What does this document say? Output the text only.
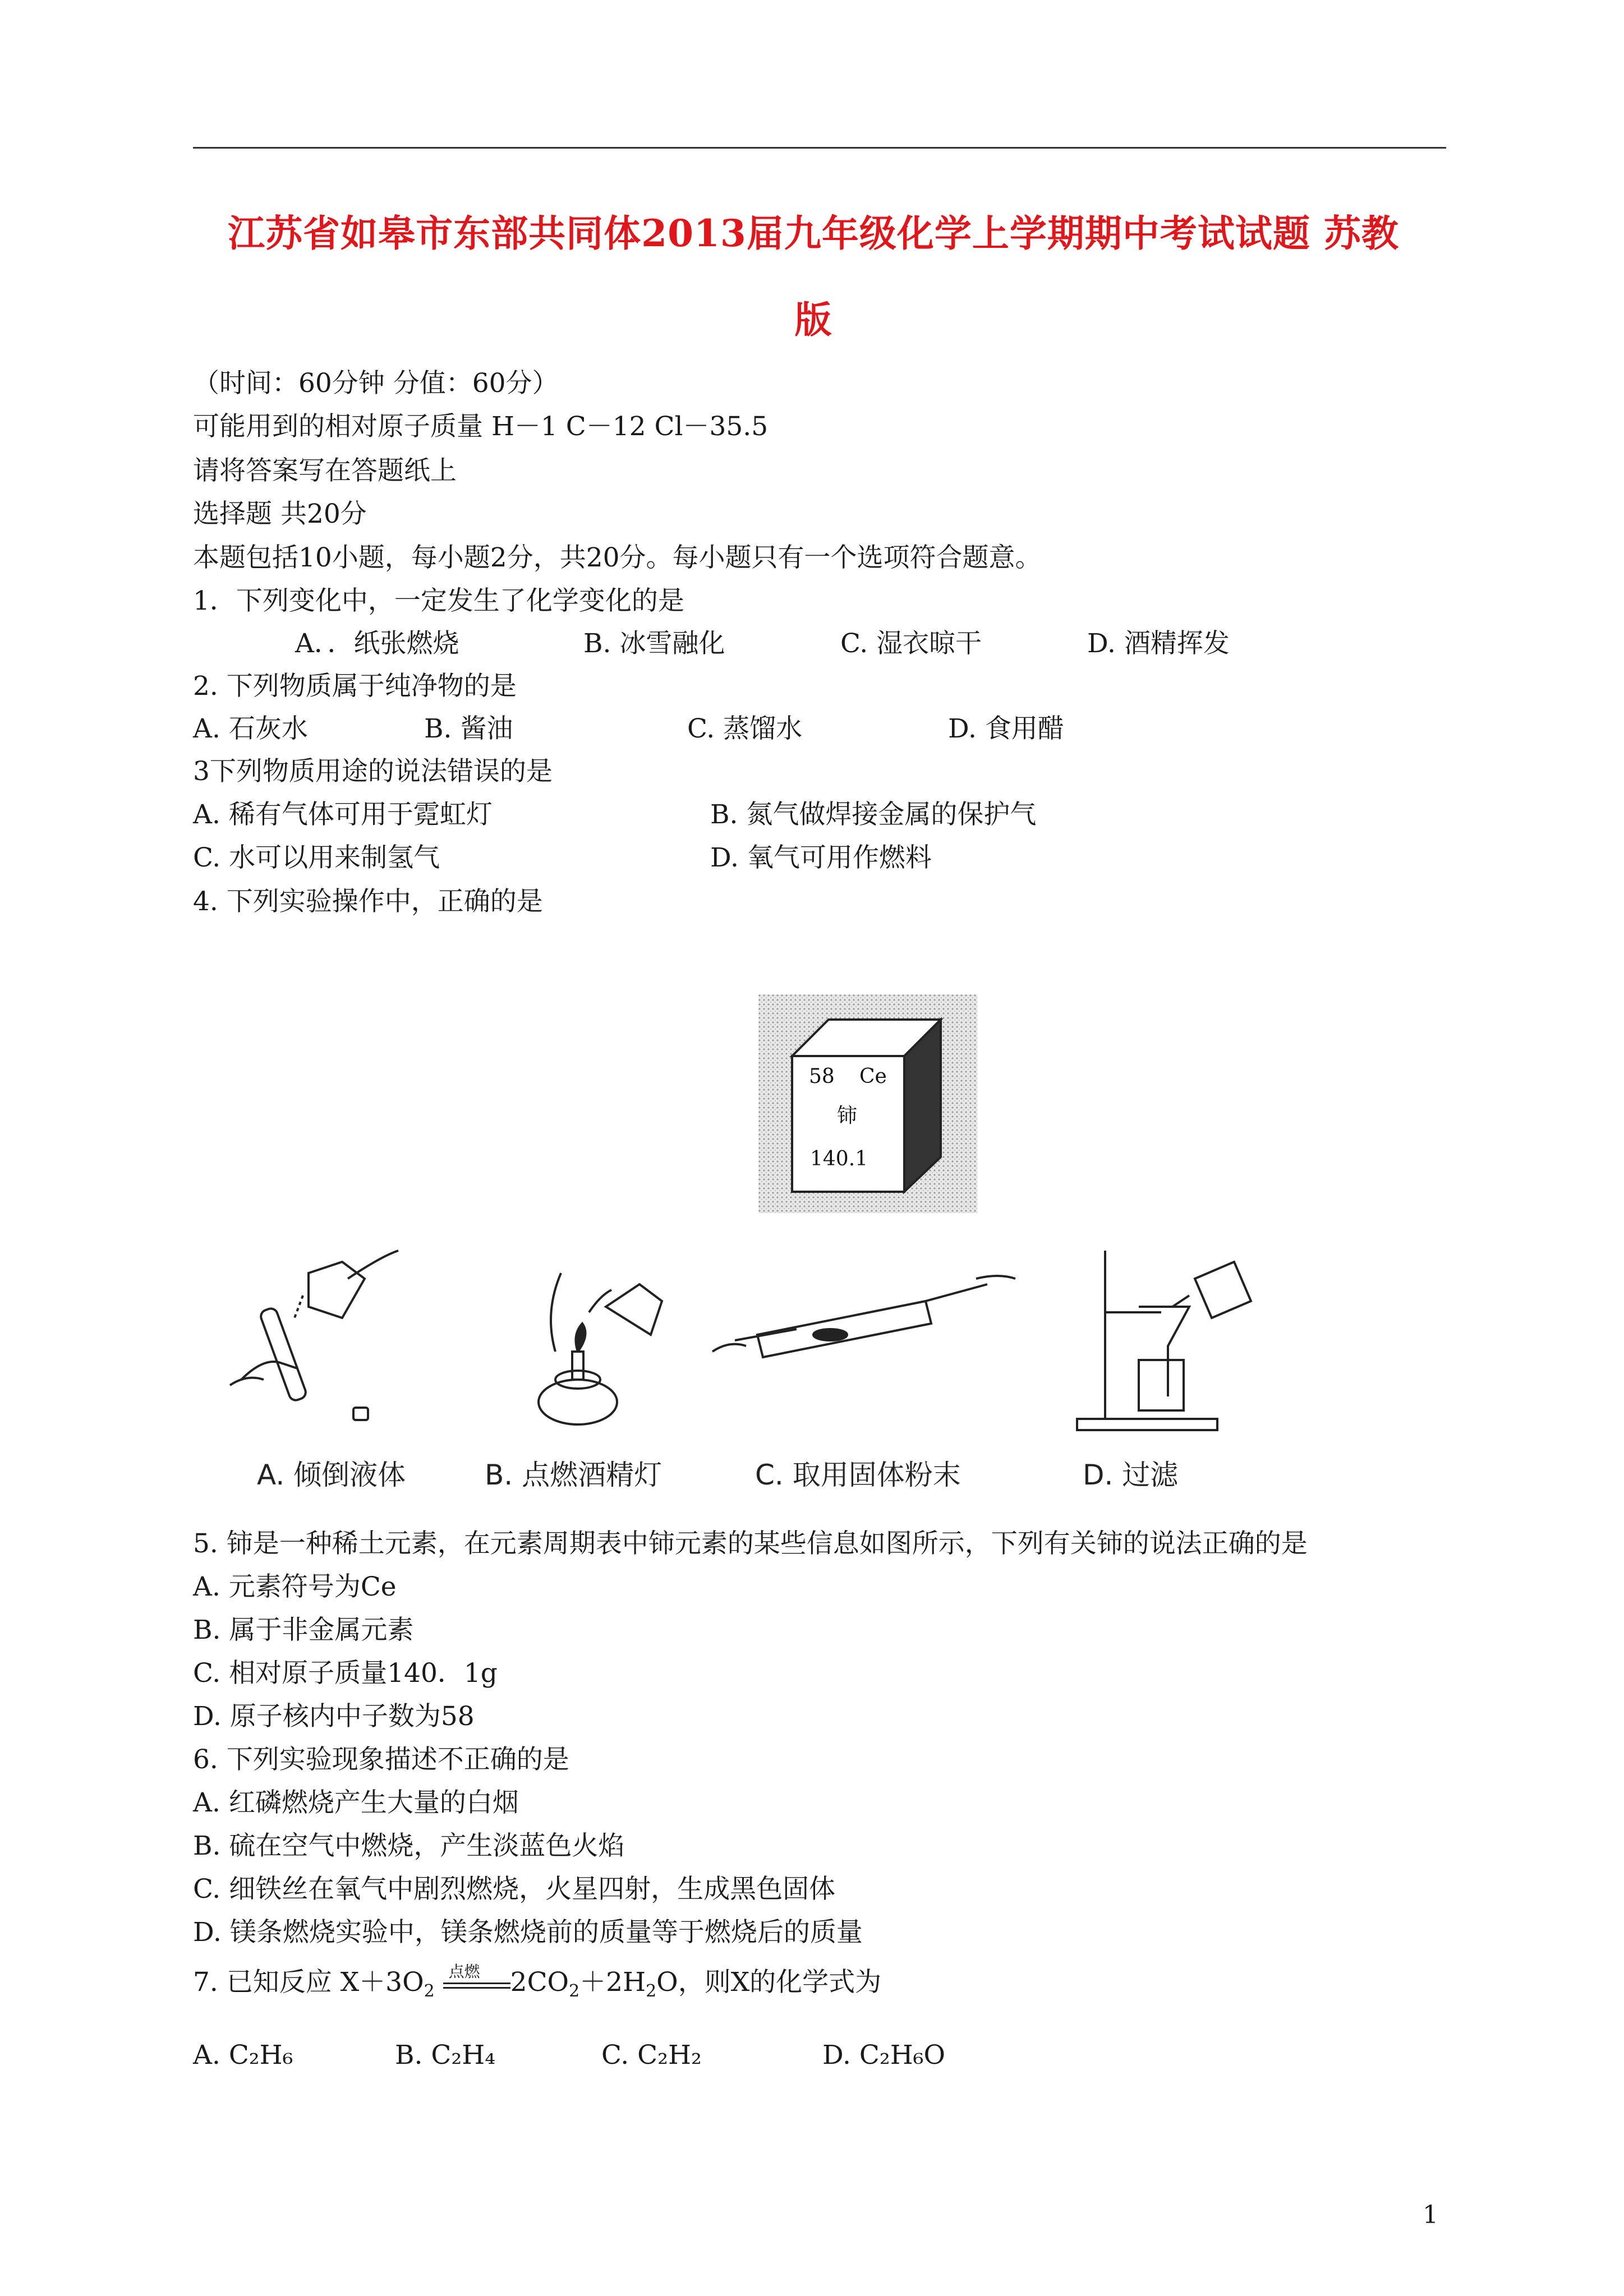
江苏省如皋市东部共同体2013届九年级化学上学期期中考试试题 苏教
版
（时间：60分钟 分值：60分）
可能用到的相对原子质量 H－1 C－12 Cl－35.5
请将答案写在答题纸上
选择题 共20分
本题包括10小题，每小题2分，共20分。每小题只有一个选项符合题意。
1．下列变化中，一定发生了化学变化的是
A．．纸张燃烧	B. 冰雪融化	C. 湿衣晾干	D. 酒精挥发
2. 下列物质属于纯净物的是
A. 石灰水	B. 酱油	C. 蒸馏水	D. 食用醋
3下列物质用途的说法错误的是
A. 稀有气体可用于霓虹灯	B. 氮气做焊接金属的保护气
C. 水可以用来制氢气	D. 氧气可用作燃料
4. 下列实验操作中，正确的是
58 Ce
铈
140.1
A. 倾倒液体	B. 点燃酒精灯	C. 取用固体粉末	D. 过滤
5. 铈是一种稀土元素，在元素周期表中铈元素的某些信息如图所示，下列有关铈的说法正确的是
A. 元素符号为Ce
B. 属于非金属元素
C. 相对原子质量140．1g
D. 原子核内中子数为58
6. 下列实验现象描述不正确的是
A. 红磷燃烧产生大量的白烟
B. 硫在空气中燃烧，产生淡蓝色火焰
C. 细铁丝在氧气中剧烈燃烧，火星四射，生成黑色固体
D. 镁条燃烧实验中，镁条燃烧前的质量等于燃烧后的质量
7. 已知反应 $X+3O_2$
点燃 $2CO_2+2H_2O$，则X的化学式为
A. C₂H₆	B. C₂H₄	C. C₂H₂	D. C₂H₆O
1
